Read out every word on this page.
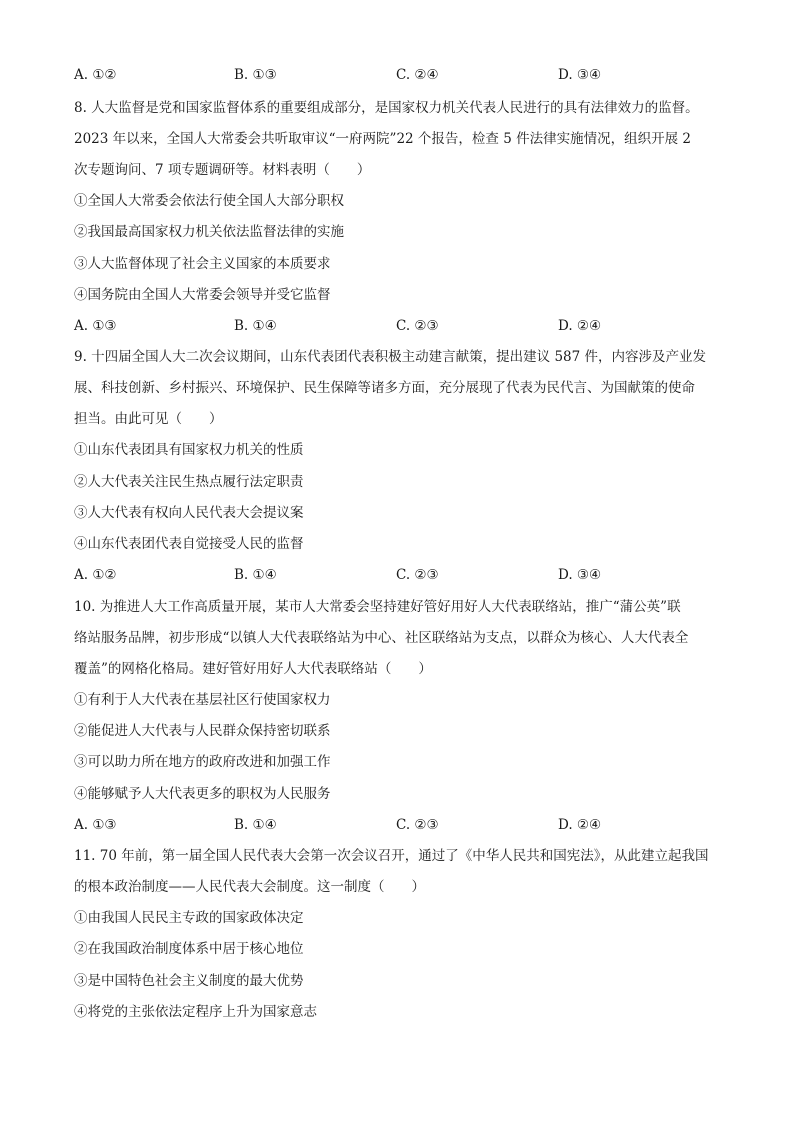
A. ①②	B. ①③	C. ②④	D. ③④
8. 人大监督是党和国家监督体系的重要组成部分，是国家权力机关代表人民进行的具有法律效力的监督。
2023 年以来，全国人大常委会共听取审议“一府两院”22 个报告，检查 5 件法律实施情况，组织开展 2
次专题询问、7 项专题调研等。材料表明（　　）
①全国人大常委会依法行使全国人大部分职权
②我国最高国家权力机关依法监督法律的实施
③人大监督体现了社会主义国家的本质要求
④国务院由全国人大常委会领导并受它监督
A. ①③	B. ①④	C. ②③	D. ②④
9. 十四届全国人大二次会议期间，山东代表团代表积极主动建言献策，提出建议 587 件，内容涉及产业发
展、科技创新、乡村振兴、环境保护、民生保障等诸多方面，充分展现了代表为民代言、为国献策的使命
担当。由此可见（　　）
①山东代表团具有国家权力机关的性质
②人大代表关注民生热点履行法定职责
③人大代表有权向人民代表大会提议案
④山东代表团代表自觉接受人民的监督
A. ①②	B. ①④	C. ②③	D. ③④
10. 为推进人大工作高质量开展，某市人大常委会坚持建好管好用好人大代表联络站，推广“蒲公英”联
络站服务品牌，初步形成“以镇人大代表联络站为中心、社区联络站为支点，以群众为核心、人大代表全
覆盖”的网格化格局。建好管好用好人大代表联络站（　　）
①有利于人大代表在基层社区行使国家权力
②能促进人大代表与人民群众保持密切联系
③可以助力所在地方的政府改进和加强工作
④能够赋予人大代表更多的职权为人民服务
A. ①③	B. ①④	C. ②③	D. ②④
11. 70 年前，第一届全国人民代表大会第一次会议召开，通过了《中华人民共和国宪法》，从此建立起我国
的根本政治制度——人民代表大会制度。这一制度（　　）
①由我国人民民主专政的国家政体决定
②在我国政治制度体系中居于核心地位
③是中国特色社会主义制度的最大优势
④将党的主张依法定程序上升为国家意志
